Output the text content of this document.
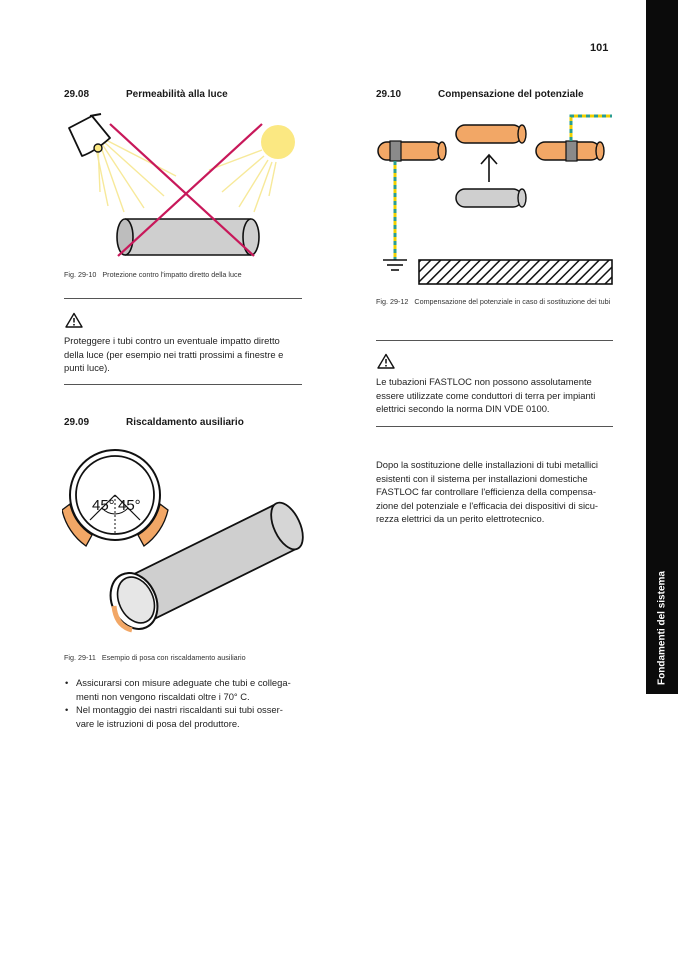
101
Fondamenti del sistema
29.08	Permeabilità alla luce
Fig. 29-10 Protezione contro l'impatto diretto della luce
Proteggere i tubi contro un eventuale impatto diretto della luce (per esempio nei tratti prossimi a finestre e punti luce).
29.09	Riscaldamento ausiliario
45° 45°
Fig. 29-11 Esempio di posa con riscaldamento ausiliario
• Assicurarsi con misure adeguate che tubi e collega-menti non vengono riscaldati oltre i 70° C.
• Nel montaggio dei nastri riscaldanti sui tubi osser-vare le istruzioni di posa del produttore.
29.10	Compensazione del potenziale
Fig. 29-12 Compensazione del potenziale in caso di sostituzione dei tubi
Le tubazioni FASTLOC non possono assolutamente essere utilizzate come conduttori di terra per impianti elettrici secondo la norma DIN VDE 0100.
Dopo la sostituzione delle installazioni di tubi metallici esistenti con il sistema per installazioni domestiche FASTLOC far controllare l'efficienza della compensa-zione del potenziale e l'efficacia dei dispositivi di sicu-rezza elettrici da un perito elettrotecnico.
